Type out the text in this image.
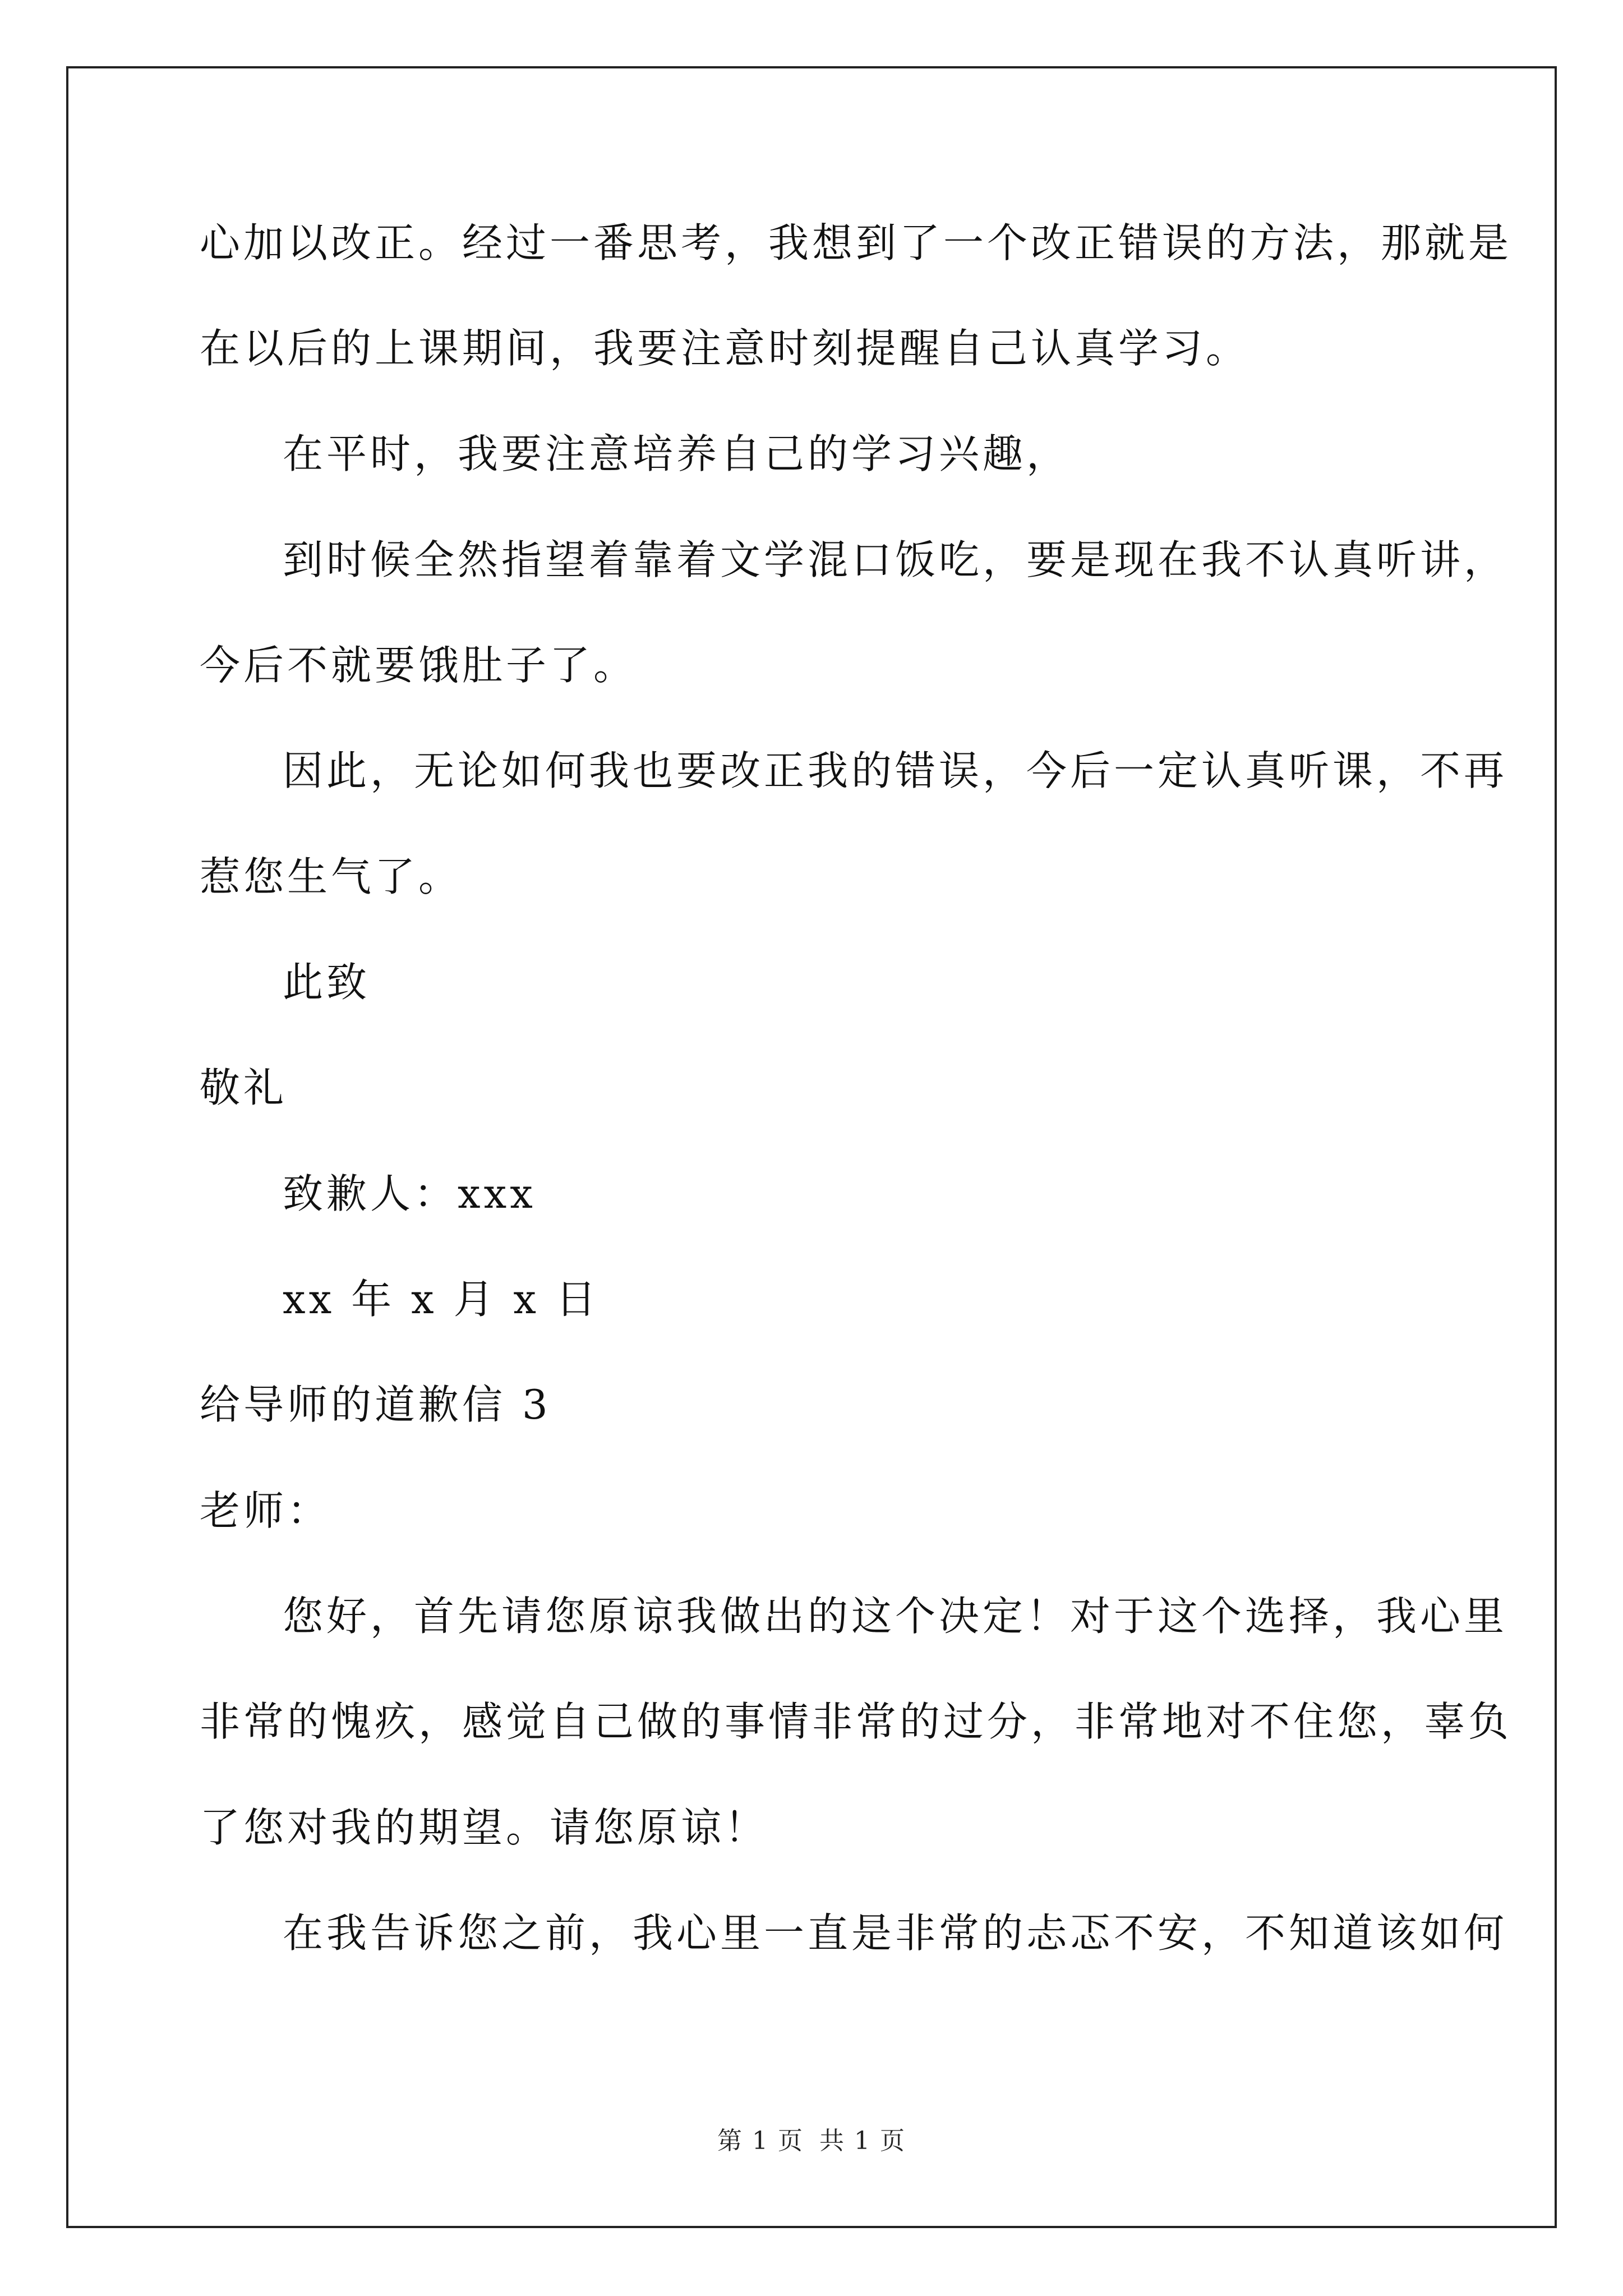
心加以改正。经过一番思考，我想到了一个改正错误的方法，那就是
在以后的上课期间，我要注意时刻提醒自己认真学习。
在平时，我要注意培养自己的学习兴趣，
到时候全然指望着靠着文学混口饭吃，要是现在我不认真听讲，
今后不就要饿肚子了。
因此，无论如何我也要改正我的错误，今后一定认真听课，不再
惹您生气了。
此致
敬礼
致歉人：xxx
xx 年 x 月 x 日
给导师的道歉信 3
老师：
您好，首先请您原谅我做出的这个决定！对于这个选择，我心里
非常的愧疚，感觉自己做的事情非常的过分，非常地对不住您，辜负
了您对我的期望。请您原谅！
在我告诉您之前，我心里一直是非常的忐忑不安，不知道该如何
第 1 页 共 1 页
